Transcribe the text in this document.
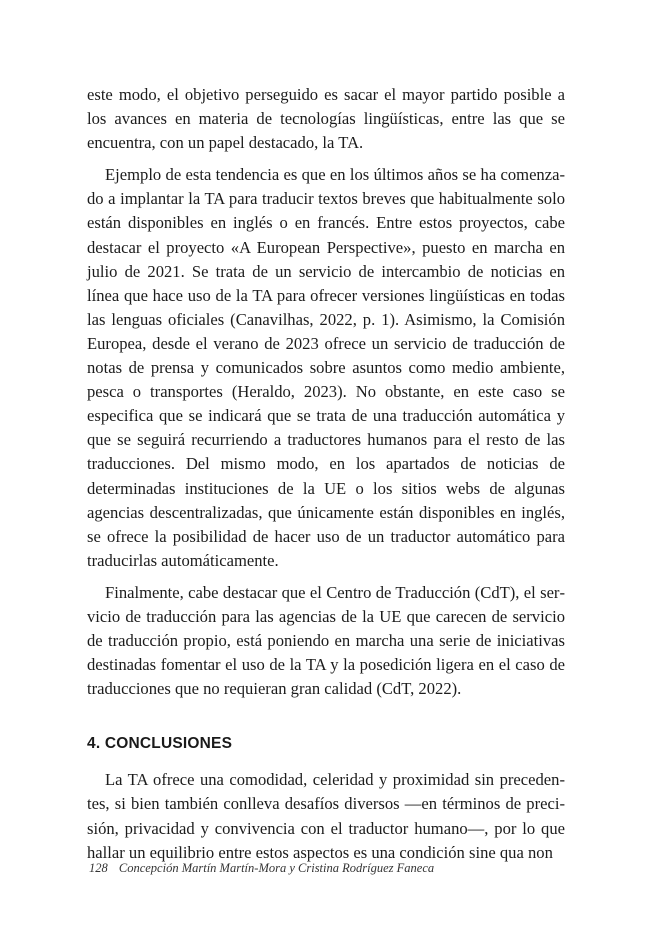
este modo, el objetivo perseguido es sacar el mayor partido posible a los avances en materia de tecnologías lingüísticas, entre las que se encuentra, con un papel destacado, la TA.

Ejemplo de esta tendencia es que en los últimos años se ha comenzado a implantar la TA para traducir textos breves que habitualmente solo están disponibles en inglés o en francés. Entre estos proyectos, cabe destacar el proyecto «A European Perspective», puesto en marcha en julio de 2021. Se trata de un servicio de intercambio de noticias en línea que hace uso de la TA para ofrecer versiones lingüísticas en todas las lenguas oficiales (Canavilhas, 2022, p. 1). Asimismo, la Comisión Europea, desde el verano de 2023 ofrece un servicio de traducción de notas de prensa y comunicados sobre asuntos como medio ambiente, pesca o transportes (Heraldo, 2023). No obstante, en este caso se especifica que se indicará que se trata de una traducción automática y que se seguirá recurriendo a traductores humanos para el resto de las traducciones. Del mismo modo, en los apartados de noticias de determinadas instituciones de la UE o los sitios webs de algunas agencias descentralizadas, que únicamente están disponibles en inglés, se ofrece la posibilidad de hacer uso de un traductor automático para traducirlas automáticamente.

Finalmente, cabe destacar que el Centro de Traducción (CdT), el servicio de traducción para las agencias de la UE que carecen de servicio de traducción propio, está poniendo en marcha una serie de iniciativas destinadas fomentar el uso de la TA y la posedición ligera en el caso de traducciones que no requieran gran calidad (CdT, 2022).

4. CONCLUSIONES

La TA ofrece una comodidad, celeridad y proximidad sin precedentes, si bien también conlleva desafíos diversos —en términos de precisión, privacidad y convivencia con el traductor humano—, por lo que hallar un equilibrio entre estos aspectos es una condición sine qua non

128 Concepción Martín Martín-Mora y Cristina Rodríguez Faneca
